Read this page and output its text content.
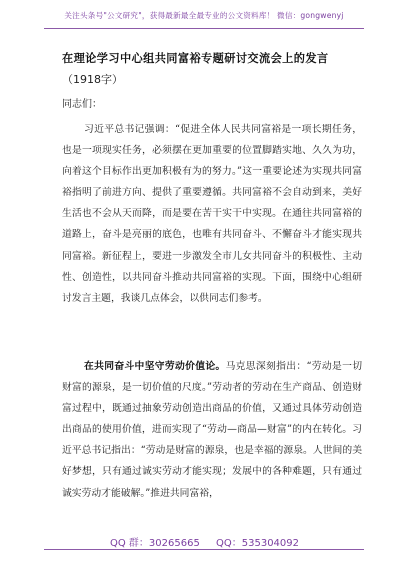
关注头条号"公文研究"，获得最新最全最专业的公文资料库！ 微信：gongwenyj
在理论学习中心组共同富裕专题研讨交流会上的发言
（1918字）
同志们：
习近平总书记强调：“促进全体人民共同富裕是一项长期任务，也是一项现实任务，必须摆在更加重要的位置脚踏实地、久久为功，向着这个目标作出更加积极有为的努力。”这一重要论述为实现共同富裕指明了前进方向、提供了重要遵循。共同富裕不会自动到来，美好生活也不会从天而降，而是要在苦干实干中实现。在通往共同富裕的道路上，奋斗是亮丽的底色，也唯有共同奋斗、不懈奋斗才能实现共同富裕。新征程上，要进一步激发全市儿女共同奋斗的积极性、主动性、创造性，以共同奋斗推动共同富裕的实现。下面，围绕中心组研讨发言主题，我谈几点体会，以供同志们参考。
在共同奋斗中坚守劳动价值论。马克思深刻指出：“劳动是一切财富的源泉，是一切价值的尺度。”劳动者的劳动在生产商品、创造财富过程中，既通过抽象劳动创造出商品的价值，又通过具体劳动创造出商品的使用价值，进而实现了“劳动—商品—财富”的内在转化。习近平总书记指出：“劳动是财富的源泉，也是幸福的源泉。人世间的美好梦想，只有通过诚实劳动才能实现；发展中的各种难题，只有通过诚实劳动才能破解。”推进共同富裕，
QQ 群：30265665 QQ：535304092
